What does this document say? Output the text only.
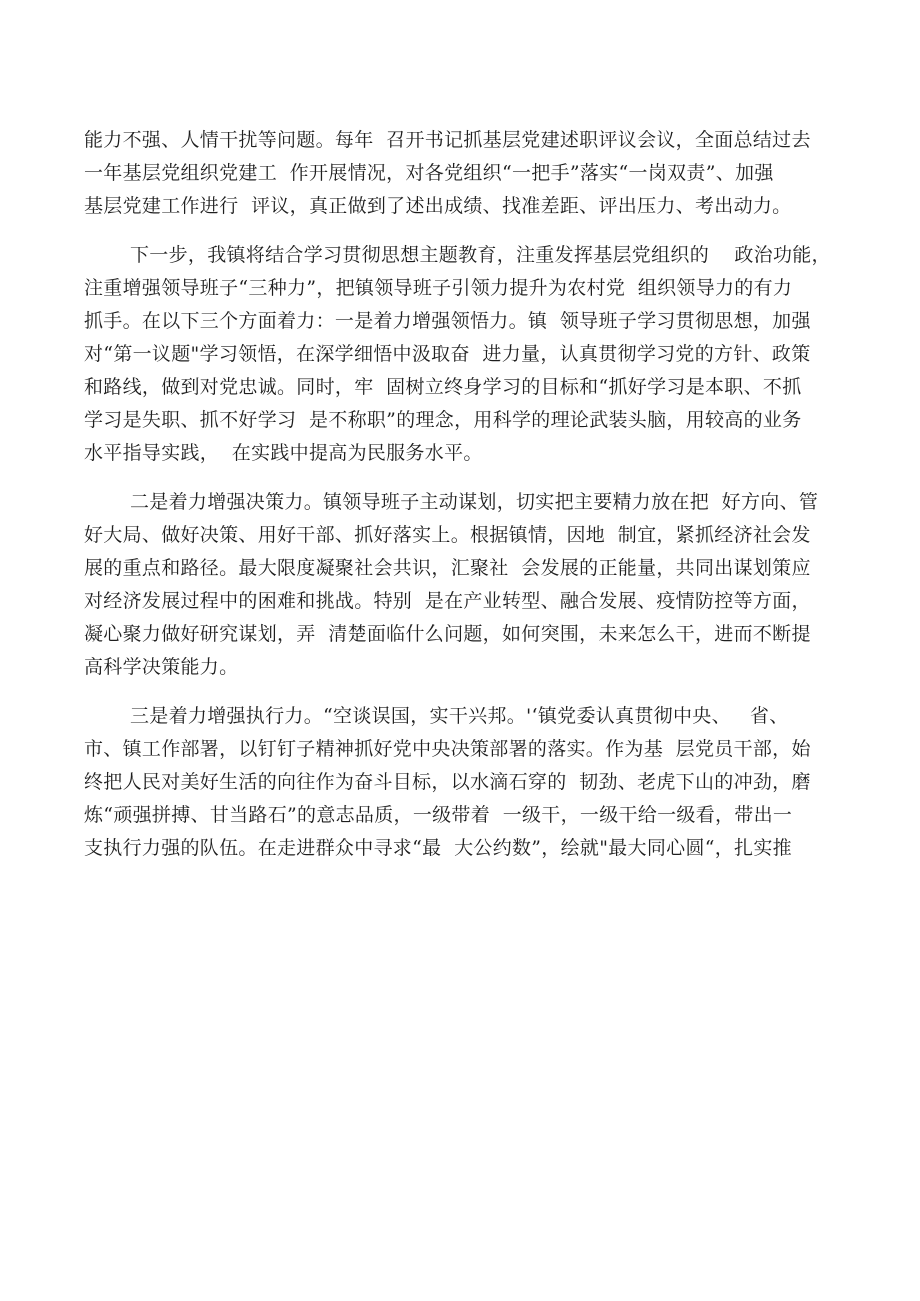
能力不强、人情干扰等问题。每年  召开书记抓基层党建述职评议会议，全面总结过去
一年基层党组织党建工  作开展情况，对各党组织“一把手”落实“一岗双责”、加强
基层党建工作进行  评议，真正做到了述出成绩、找准差距、评出压力、考出动力。
下一步，我镇将结合学习贯彻思想主题教育，注重发挥基层党组织的    政治功能，
注重增强领导班子“三种力”，把镇领导班子引领力提升为农村党  组织领导力的有力
抓手。在以下三个方面着力：一是着力增强领悟力。镇  领导班子学习贯彻思想，加强
对“第一议题"学习领悟，在深学细悟中汲取奋  进力量，认真贯彻学习党的方针、政策
和路线，做到对党忠诚。同时，牢  固树立终身学习的目标和“抓好学习是本职、不抓
学习是失职、抓不好学习  是不称职”的理念，用科学的理论武装头脑，用较高的业务
水平指导实践，  在实践中提高为民服务水平。
二是着力增强决策力。镇领导班子主动谋划，切实把主要精力放在把  好方向、管
好大局、做好决策、用好干部、抓好落实上。根据镇情，因地  制宜，紧抓经济社会发
展的重点和路径。最大限度凝聚社会共识，汇聚社  会发展的正能量，共同出谋划策应
对经济发展过程中的困难和挑战。特别  是在产业转型、融合发展、疫情防控等方面，
凝心聚力做好研究谋划，弄  清楚面临什么问题，如何突围，未来怎么干，进而不断提
高科学决策能力。
三是着力增强执行力。“空谈误国，实干兴邦。'‘镇党委认真贯彻中央、   省、
市、镇工作部署，以钉钉子精神抓好党中央决策部署的落实。作为基  层党员干部，始
终把人民对美好生活的向往作为奋斗目标，以水滴石穿的  韧劲、老虎下山的冲劲，磨
炼“顽强拼搏、甘当路石”的意志品质，一级带着  一级干，一级干给一级看，带出一
支执行力强的队伍。在走进群众中寻求“最  大公约数”，绘就"最大同心圆“，扎实推
